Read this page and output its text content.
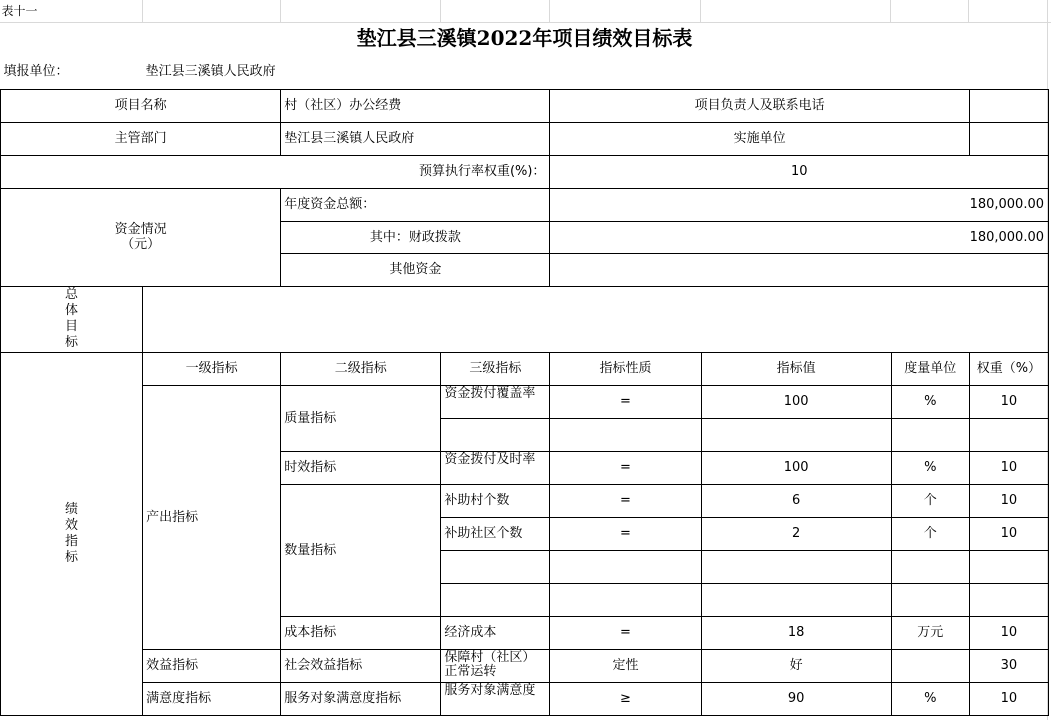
表十一							
垫江县三溪镇2022年项目绩效目标表							
填报单位：	垫江县三溪镇人民政府						
项目名称		村（社区）办公经费		项目负责人及联系电话			
主管部门		垫江县三溪镇人民政府		实施单位			
预算执行率权重(%)：				10			
资金情况
（元）		年度资金总额：		180,000.00			
		其中：财政拨款		180,000.00			
		其他资金					

总体目标							

绩效指标	一级指标	二级指标	三级指标	指标性质	指标值	度量单位	权重（%）
	产出指标	质量指标	资金拨付覆盖率	=	100	%	10

		时效指标	资金拨付及时率	=	100	%	10
		数量指标	补助村个数	=	6	个	10
			补助社区个数	=	2	个	10

		成本指标	经济成本	=	18	万元	10
	效益指标	社会效益指标	保障村（社区）正常运转	定性	好		30
	满意度指标	服务对象满意度指标	服务对象满意度	≥	90	%	10
